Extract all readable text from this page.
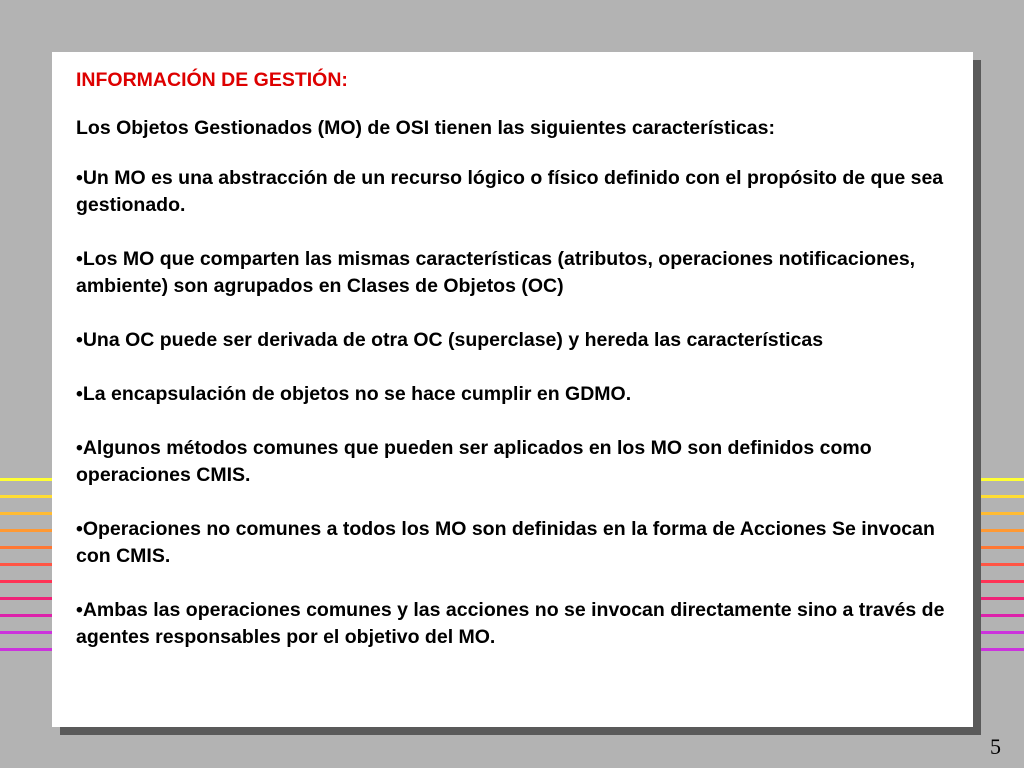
INFORMACIÓN DE GESTIÓN:
Los Objetos Gestionados (MO) de OSI tienen las siguientes características:
•Un MO es una abstracción de un recurso lógico o físico definido con el propósito de que sea gestionado.
•Los MO que comparten las mismas características (atributos, operaciones notificaciones, ambiente) son agrupados en Clases de Objetos (OC)
•Una OC puede ser derivada de otra OC (superclase) y hereda las características
•La encapsulación de objetos no se hace cumplir en GDMO.
•Algunos métodos comunes que pueden ser aplicados en los MO son definidos como operaciones CMIS.
•Operaciones no comunes a todos los MO son definidas en la forma de Acciones Se invocan con CMIS.
•Ambas las operaciones comunes y las acciones no se invocan directamente sino a través de agentes responsables por el objetivo del MO.
5
